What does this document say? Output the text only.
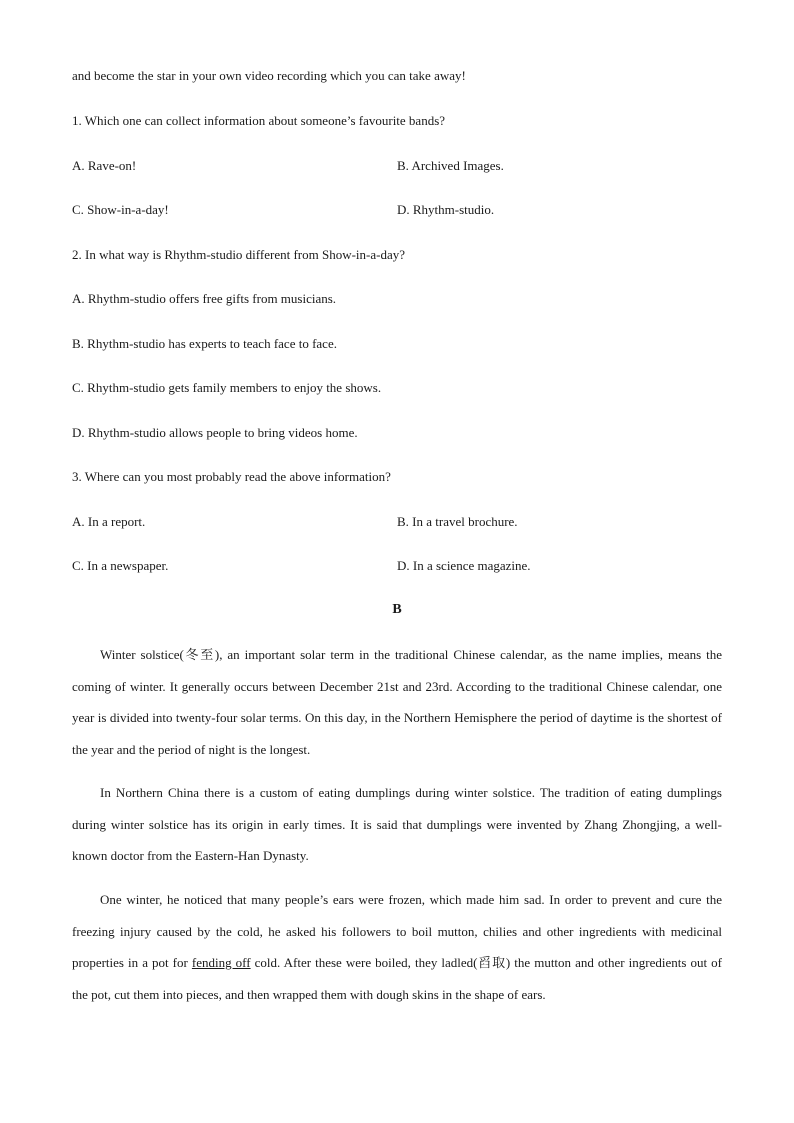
and become the star in your own video recording which you can take away!
1. Which one can collect information about someone’s favourite bands?
A. Rave-on!	B. Archived Images.
C. Show-in-a-day!	D. Rhythm-studio.
2. In what way is Rhythm-studio different from Show-in-a-day?
A. Rhythm-studio offers free gifts from musicians.
B. Rhythm-studio has experts to teach face to face.
C. Rhythm-studio gets family members to enjoy the shows.
D. Rhythm-studio allows people to bring videos home.
3. Where can you most probably read the above information?
A. In a report.	B. In a travel brochure.
C. In a newspaper.	D. In a science magazine.
B
Winter solstice(冬至), an important solar term in the traditional Chinese calendar, as the name implies, means the coming of winter. It generally occurs between December 21st and 23rd. According to the traditional Chinese calendar, one year is divided into twenty-four solar terms. On this day, in the Northern Hemisphere the period of daytime is the shortest of the year and the period of night is the longest.
In Northern China there is a custom of eating dumplings during winter solstice. The tradition of eating dumplings during winter solstice has its origin in early times. It is said that dumplings were invented by Zhang Zhongjing, a well-known doctor from the Eastern-Han Dynasty.
One winter, he noticed that many people’s ears were frozen, which made him sad. In order to prevent and cure the freezing injury caused by the cold, he asked his followers to boil mutton, chilies and other ingredients with medicinal properties in a pot for fending off cold. After these were boiled, they ladled(舀取) the mutton and other ingredients out of the pot, cut them into pieces, and then wrapped them with dough skins in the shape of ears.
